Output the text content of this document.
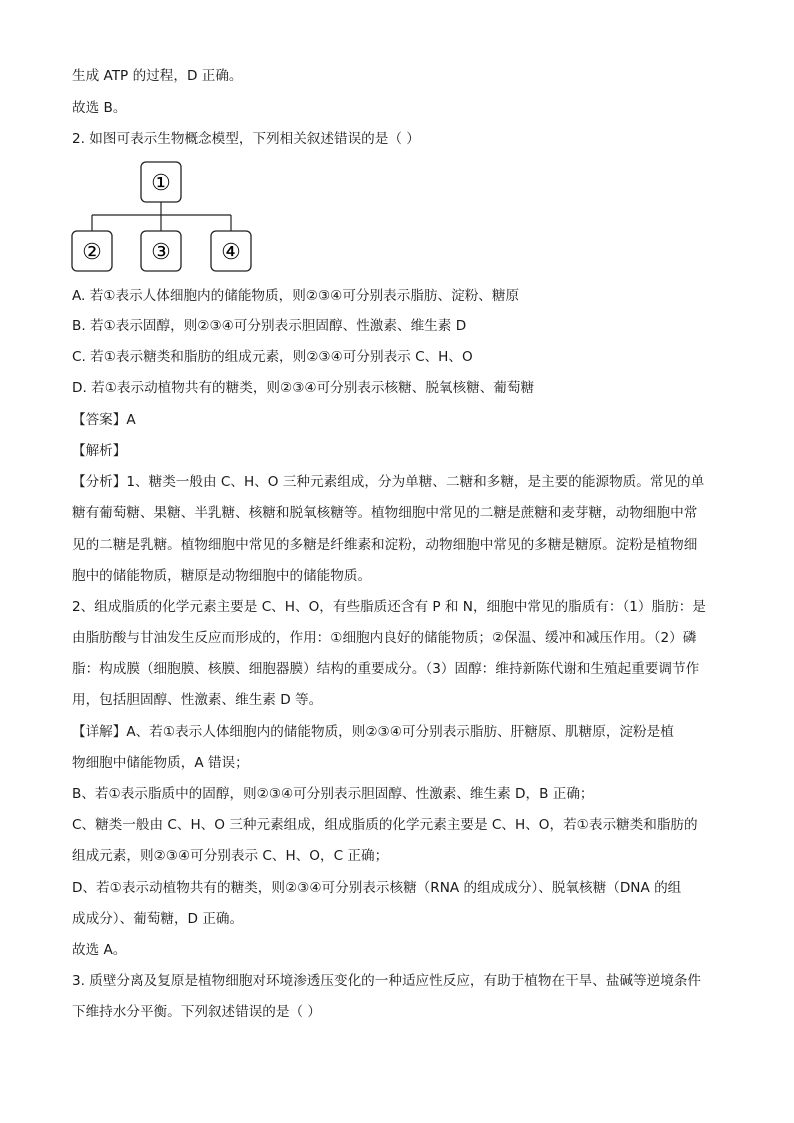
生成 ATP 的过程，D 正确。
故选 B。
2. 如图可表示生物概念模型，下列相关叙述错误的是（ ）
①
② ③ ④
A. 若①表示人体细胞内的储能物质，则②③④可分别表示脂肪、淀粉、糖原
B. 若①表示固醇，则②③④可分别表示胆固醇、性激素、维生素 D
C. 若①表示糖类和脂肪的组成元素，则②③④可分别表示 C、H、O
D. 若①表示动植物共有的糖类，则②③④可分别表示核糖、脱氧核糖、葡萄糖
【答案】A
【解析】
【分析】1、糖类一般由 C、H、O 三种元素组成，分为单糖、二糖和多糖，是主要的能源物质。常见的单
糖有葡萄糖、果糖、半乳糖、核糖和脱氧核糖等。植物细胞中常见的二糖是蔗糖和麦芽糖，动物细胞中常
见的二糖是乳糖。植物细胞中常见的多糖是纤维素和淀粉，动物细胞中常见的多糖是糖原。淀粉是植物细
胞中的储能物质，糖原是动物细胞中的储能物质。
2、组成脂质的化学元素主要是 C、H、O，有些脂质还含有 P 和 N，细胞中常见的脂质有：（1）脂肪：是
由脂肪酸与甘油发生反应而形成的，作用：①细胞内良好的储能物质；②保温、缓冲和减压作用。（2）磷
脂：构成膜（细胞膜、核膜、细胞器膜）结构的重要成分。（3）固醇：维持新陈代谢和生殖起重要调节作
用，包括胆固醇、性激素、维生素 D 等。
【详解】A、若①表示人体细胞内的储能物质，则②③④可分别表示脂肪、肝糖原、肌糖原，淀粉是植
物细胞中储能物质，A 错误；
B、若①表示脂质中的固醇，则②③④可分别表示胆固醇、性激素、维生素 D，B 正确；
C、糖类一般由 C、H、O 三种元素组成，组成脂质的化学元素主要是 C、H、O，若①表示糖类和脂肪的
组成元素，则②③④可分别表示 C、H、O，C 正确；
D、若①表示动植物共有的糖类，则②③④可分别表示核糖（RNA 的组成成分）、脱氧核糖（DNA 的组
成成分）、葡萄糖，D 正确。
故选 A。
3. 质壁分离及复原是植物细胞对环境渗透压变化的一种适应性反应，有助于植物在干旱、盐碱等逆境条件
下维持水分平衡。下列叙述错误的是（ ）
